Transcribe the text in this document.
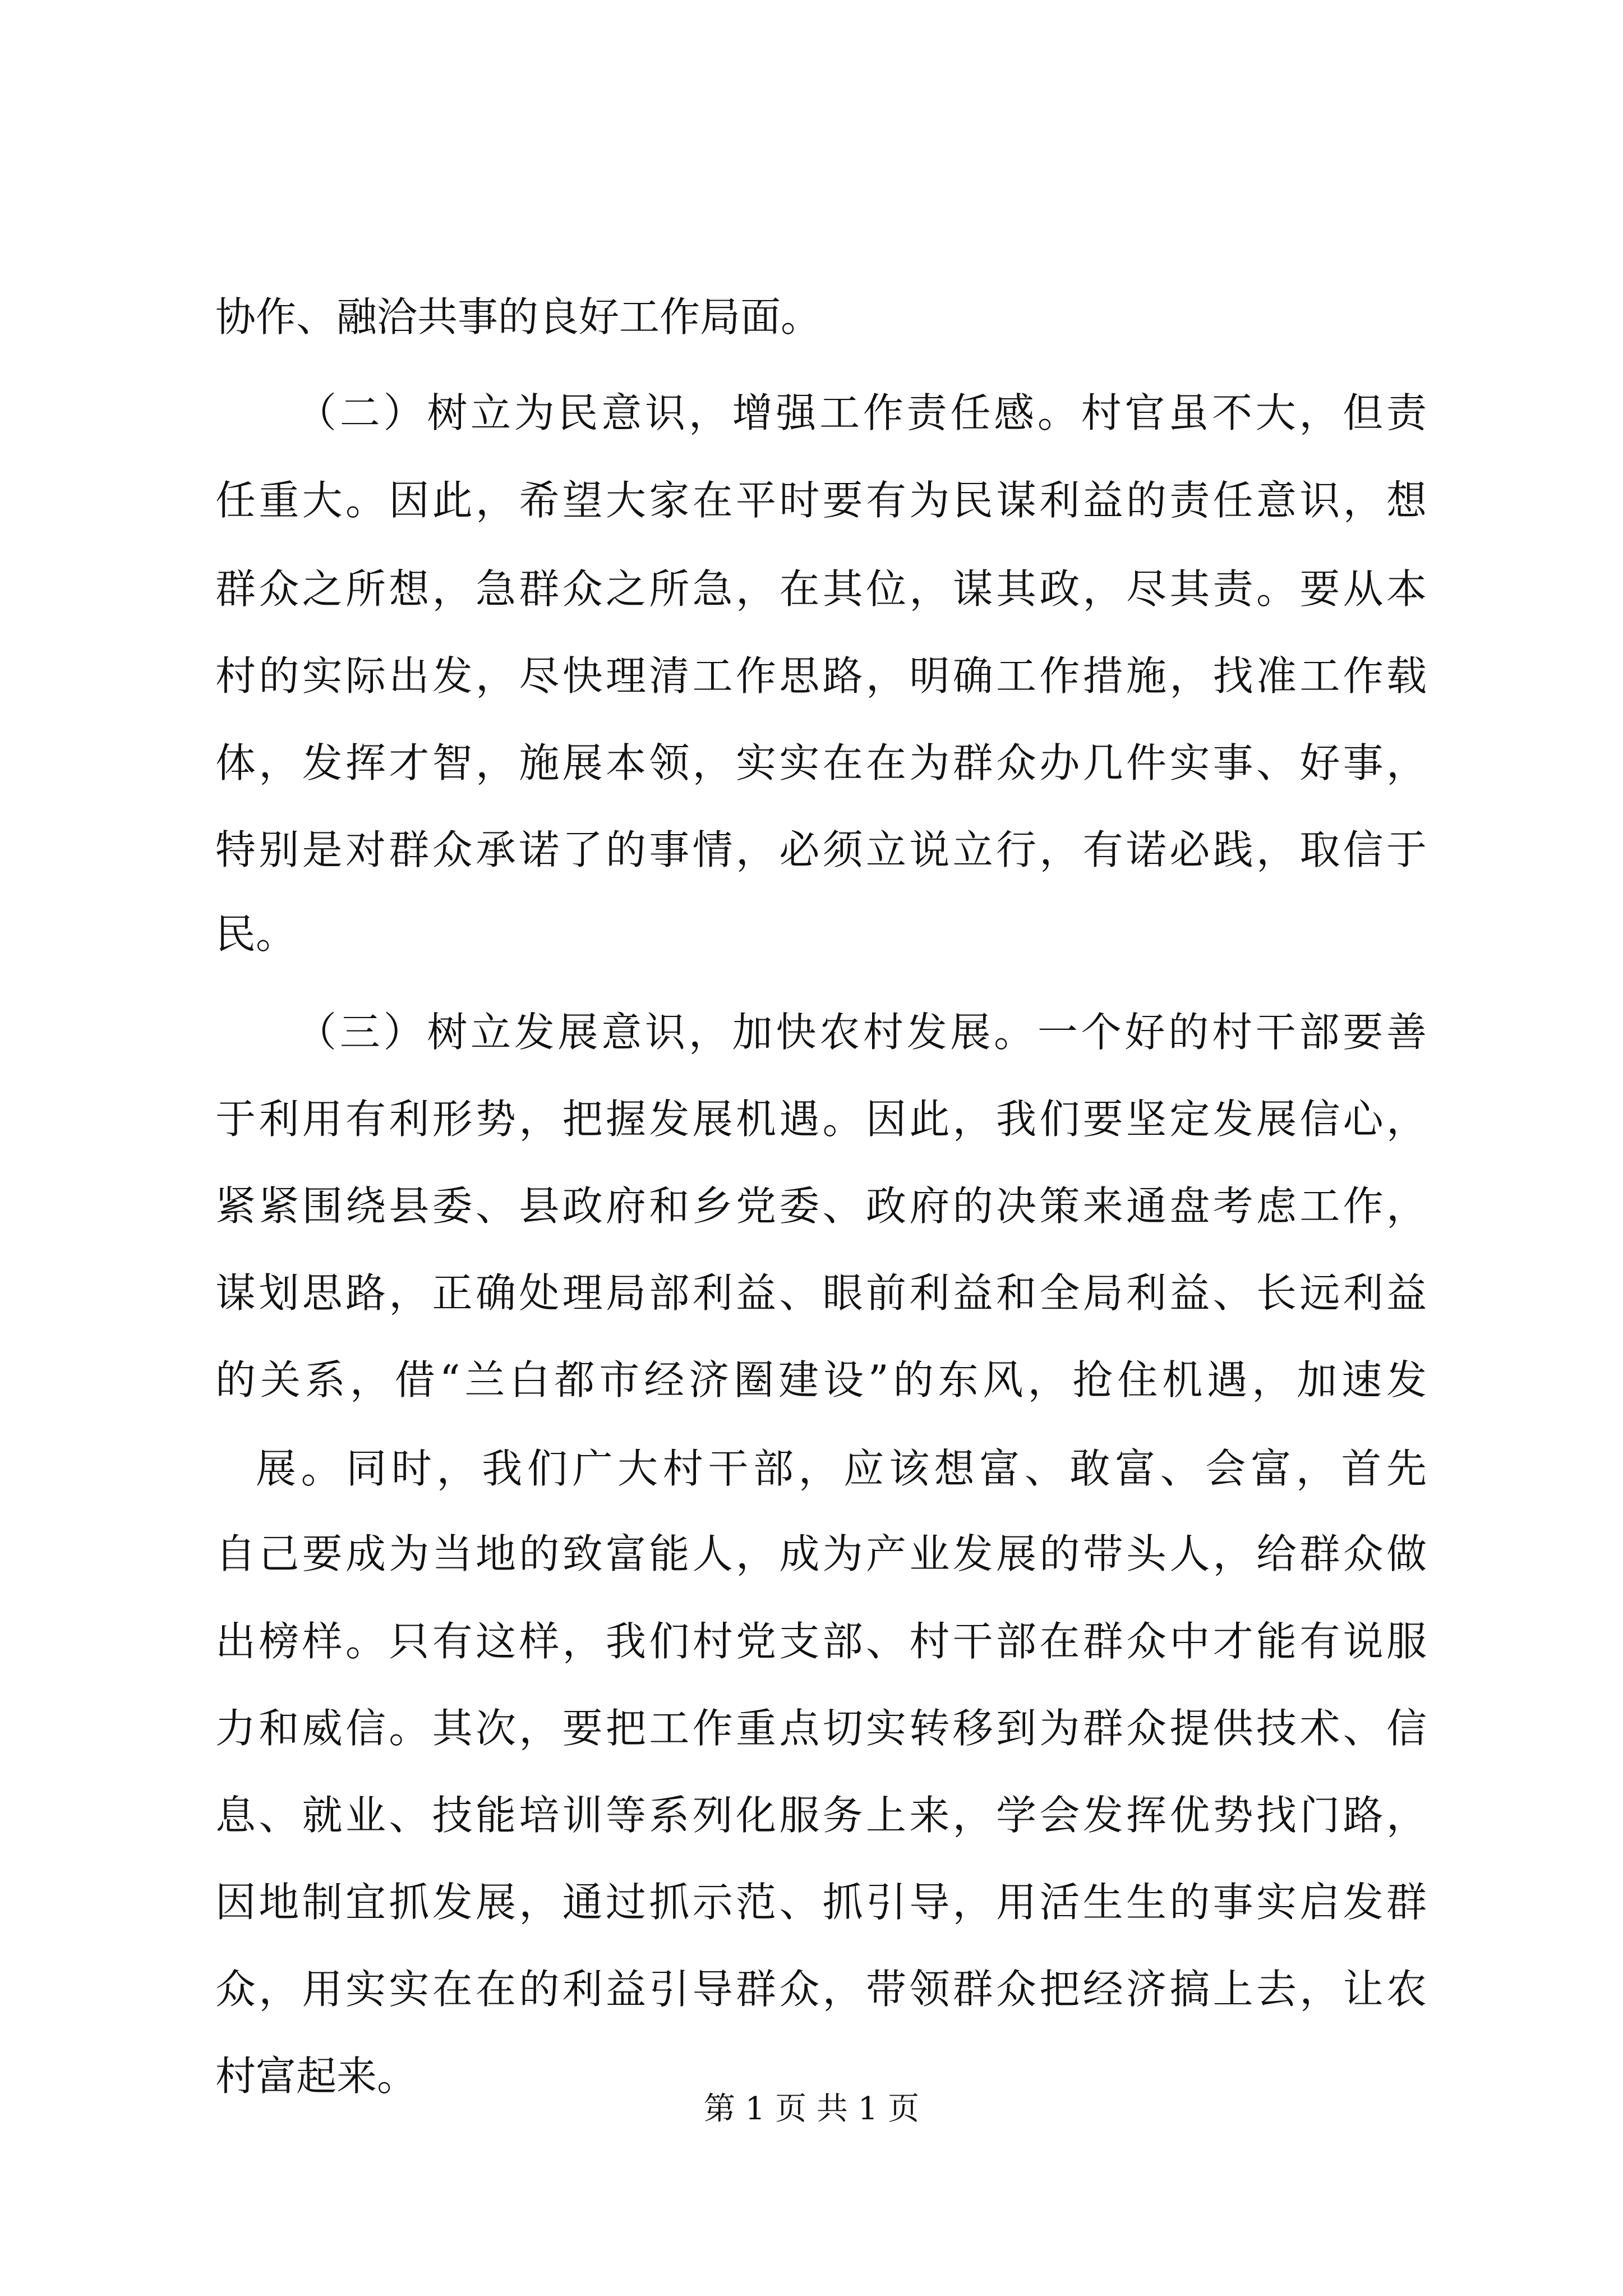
协作、融洽共事的良好工作局面。
（二）树立为民意识，增强工作责任感。村官虽不大，但责
任重大。因此，希望大家在平时要有为民谋利益的责任意识，想
群众之所想，急群众之所急，在其位，谋其政，尽其责。要从本
村的实际出发，尽快理清工作思路，明确工作措施，找准工作载
体，发挥才智，施展本领，实实在在为群众办几件实事、好事，
特别是对群众承诺了的事情，必须立说立行，有诺必践，取信于
民。
（三）树立发展意识，加快农村发展。一个好的村干部要善
于利用有利形势，把握发展机遇。因此，我们要坚定发展信心，
紧紧围绕县委、县政府和乡党委、政府的决策来通盘考虑工作，
谋划思路，正确处理局部利益、眼前利益和全局利益、长远利益
的关系，借“兰白都市经济圈建设”的东风，抢住机遇，加速发
展。同时，我们广大村干部，应该想富、敢富、会富，首先
自己要成为当地的致富能人，成为产业发展的带头人，给群众做
出榜样。只有这样，我们村党支部、村干部在群众中才能有说服
力和威信。其次，要把工作重点切实转移到为群众提供技术、信
息、就业、技能培训等系列化服务上来，学会发挥优势找门路，
因地制宜抓发展，通过抓示范、抓引导，用活生生的事实启发群
众，用实实在在的利益引导群众，带领群众把经济搞上去，让农
村富起来。
第 1 页 共 1 页
